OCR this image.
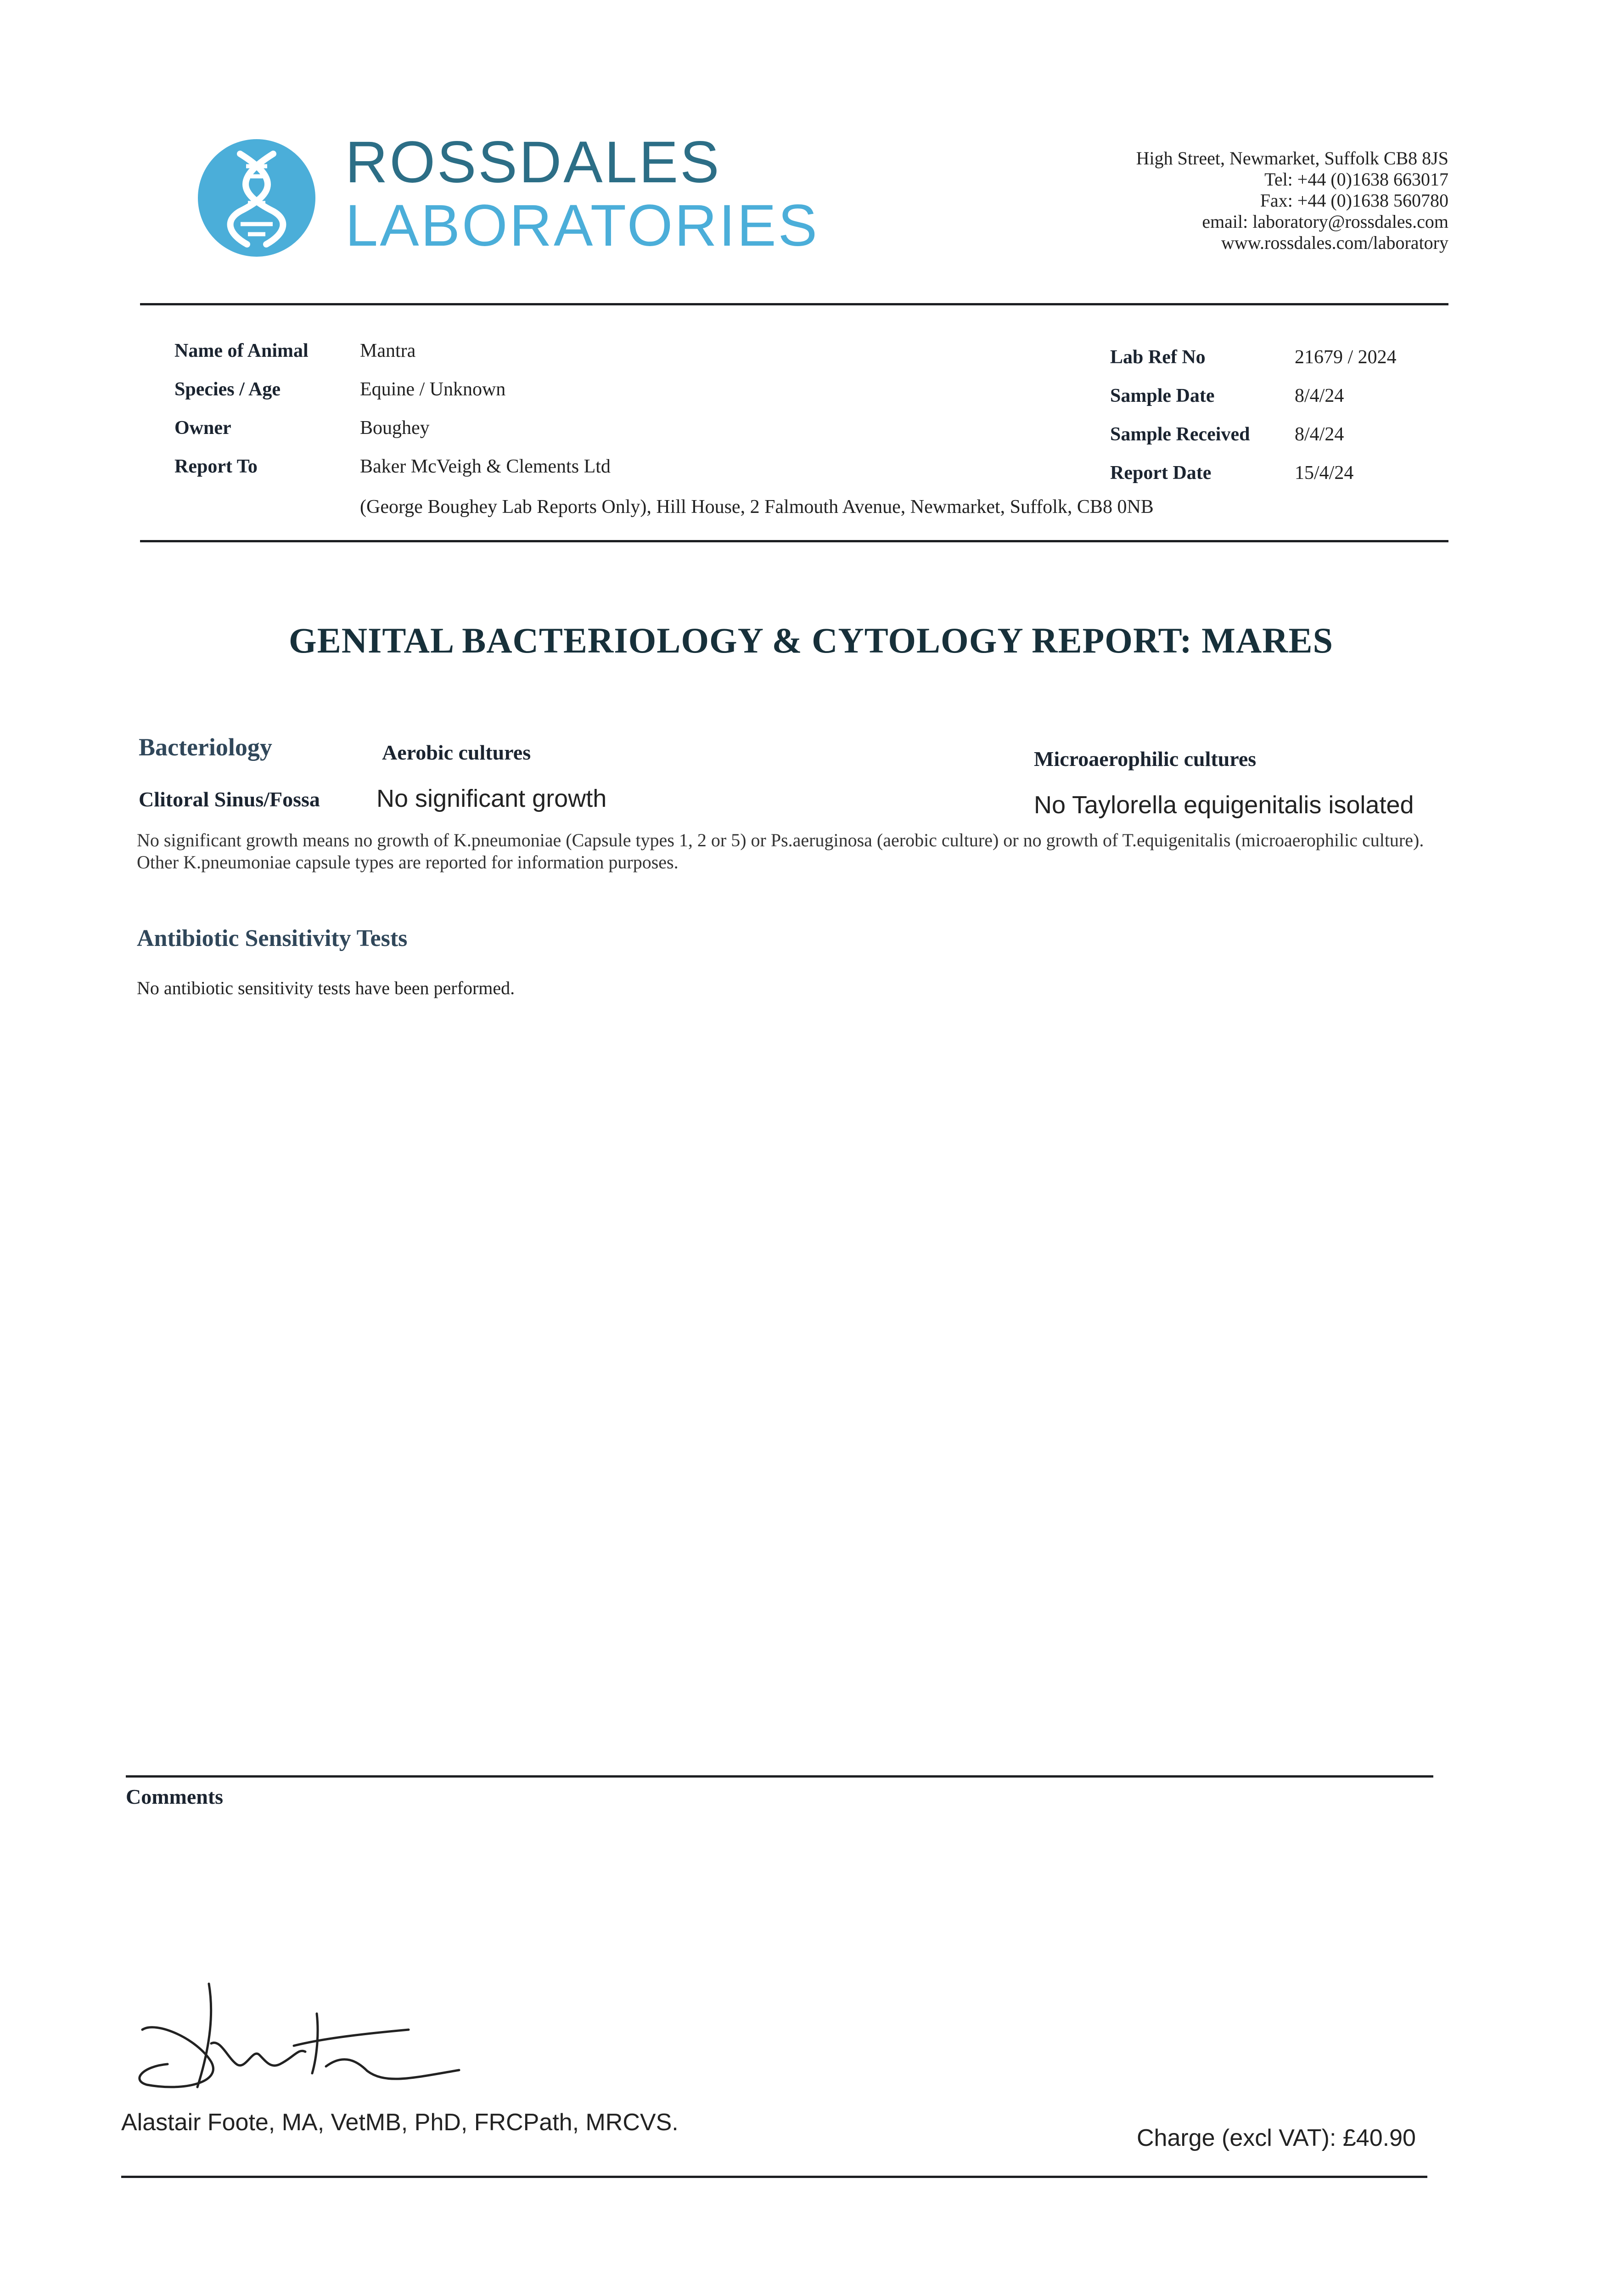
ROSSDALES
LABORATORIES
High Street, Newmarket, Suffolk CB8 8JS
Tel: +44 (0)1638 663017
Fax: +44 (0)1638 560780
email: laboratory@rossdales.com
www.rossdales.com/laboratory
Name of Animal	Mantra
Species / Age	Equine / Unknown
Owner	Boughey
Report To	Baker McVeigh & Clements Ltd
(George Boughey Lab Reports Only), Hill House, 2 Falmouth Avenue, Newmarket, Suffolk, CB8 0NB
Lab Ref No	21679 / 2024
Sample Date	8/4/24
Sample Received 8/4/24
Report Date	15/4/24
GENITAL BACTERIOLOGY & CYTOLOGY REPORT: MARES
Bacteriology	Aerobic cultures	Microaerophilic cultures
Clitoral Sinus/Fossa No significant growth	No Taylorella equigenitalis isolated
No significant growth means no growth of K.pneumoniae (Capsule types 1, 2 or 5) or Ps.aeruginosa (aerobic culture) or no growth of T.equigenitalis (microaerophilic culture). Other K.pneumoniae capsule types are reported for information purposes.
Antibiotic Sensitivity Tests
No antibiotic sensitivity tests have been performed.
Comments
Alastair Foote, MA, VetMB, PhD, FRCPath, MRCVS.
Charge (excl VAT): £40.90
